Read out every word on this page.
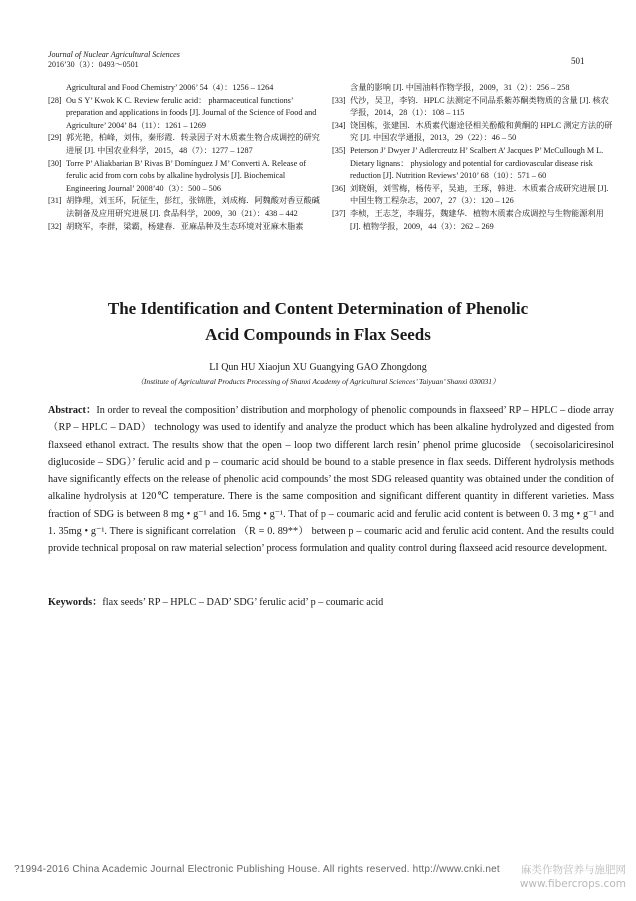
Journal of Nuclear Agricultural Sciences
2016’30（3）：0493～0501	501

Agricultural and Food Chemistry’ 2006’ 54（4）：1256 – 1264

[28] Ou S Y’ Kwok K C. Review ferulic acid： pharmaceutical functions’ preparation and applications in foods [J]. Journal of the Science of Food and Agriculture’ 2004’ 84（11）：1261 – 1269

[29] 郭光艳，柏峰，刘伟，秦形霞．转录因子对木质素生物合成调控的研究进展 [J]. 中国农业科学，2015，48（7）：1277 – 1287

[30] Torre P’ Aliakbarian B’ Rivas B’ Domínguez J M’ Converti A. Release of ferulic acid from corn cobs by alkaline hydrolysis [J]. Biochemical Engineering Journal’ 2008’40（3）：500 – 506

[31] 胡铮理，刘玉环，阮征生，彭红，张锦胜，刘成梅．阿魏酸对香豆酸碱法制备及应用研究进展 [J]. 食品科学，2009，30（21）：438 – 442

[32] 胡晓军，李群，梁霸，杨建春．亚麻品种及生态环境对亚麻木脂素

含量的影响 [J]. 中国油料作物学报，2009，31（2）：256 – 258

[33] 代沙，吴卫，李钧．HPLC 法测定不同品系紫苏酮类物质的含量 [J]. 核农学报，2014，28（1）：108 – 115

[34] 饶国栋，张建国．木质素代谢途径相关酚酸和黄酮的 HPLC 测定方法的研究 [J]. 中国农学通报，2013，29（22）：46 – 50

[35] Peterson J’ Dwyer J’ Adlercreutz H’ Scalbert A’ Jacques P’ McCullough M L. Dietary lignans： physiology and potential for cardiovascular disease risk reduction [J]. Nutrition Reviews’ 2010’ 68（10）：571 – 60

[36] 刘晓娟，刘雪梅，杨传平，吴迪，王琢，韩进．木质素合成研究进展 [J]. 中国生物工程杂志，2007，27（3）：120 – 126

[37] 李桢，王志芝，李瑞芬，魏建华．植物木质素合成调控与生物能源利用 [J]. 植物学报，2009，44（3）：262 – 269

The Identification and Content Determination of Phenolic
Acid Compounds in Flax Seeds
LI Qun HU Xiaojun XU Guangying GAO Zhongdong
（Institute of Agricultural Products Processing of Shanxi Academy of Agricultural Sciences’ Taiyuan’ Shanxi 030031）

Abstract：In order to reveal the composition’ distribution and morphology of phenolic compounds in flaxseed’ RP – HPLC – diode array （RP – HPLC – DAD） technology was used to identify and analyze the product which has been alkaline hydrolyzed and digested from flaxseed ethanol extract. The results show that the open – loop two different larch resin’ phenol prime glucoside （secoisolariciresinol diglucoside – SDG）’ ferulic acid and p – coumaric acid should be bound to a stable presence in flax seeds. Different hydrolysis methods have significantly effects on the release of phenolic acid compounds’ the most SDG released quantity was obtained under the condition of alkaline hydrolysis at 120℃ temperature. There is the same composition and significant different quantity in different varieties. Mass fraction of SDG is between 8 mg • g⁻¹ and 16. 5mg • g⁻¹. That of p – coumaric acid and ferulic acid content is between 0. 3 mg • g⁻¹ and 1. 35mg • g⁻¹. There is significant correlation （R = 0. 89**） between p – coumaric acid and ferulic acid content. And the results could provide technical proposal on raw material selection’ process formulation and quality control during flaxseed acid resource development.

Keywords：flax seeds’ RP – HPLC – DAD’ SDG’ ferulic acid’ p – coumaric acid

?1994-2016 China Academic Journal Electronic Publishing House. All rights reserved. http://www.cnki.net 麻类作物营养与施肥网
www.fibercrops.com
